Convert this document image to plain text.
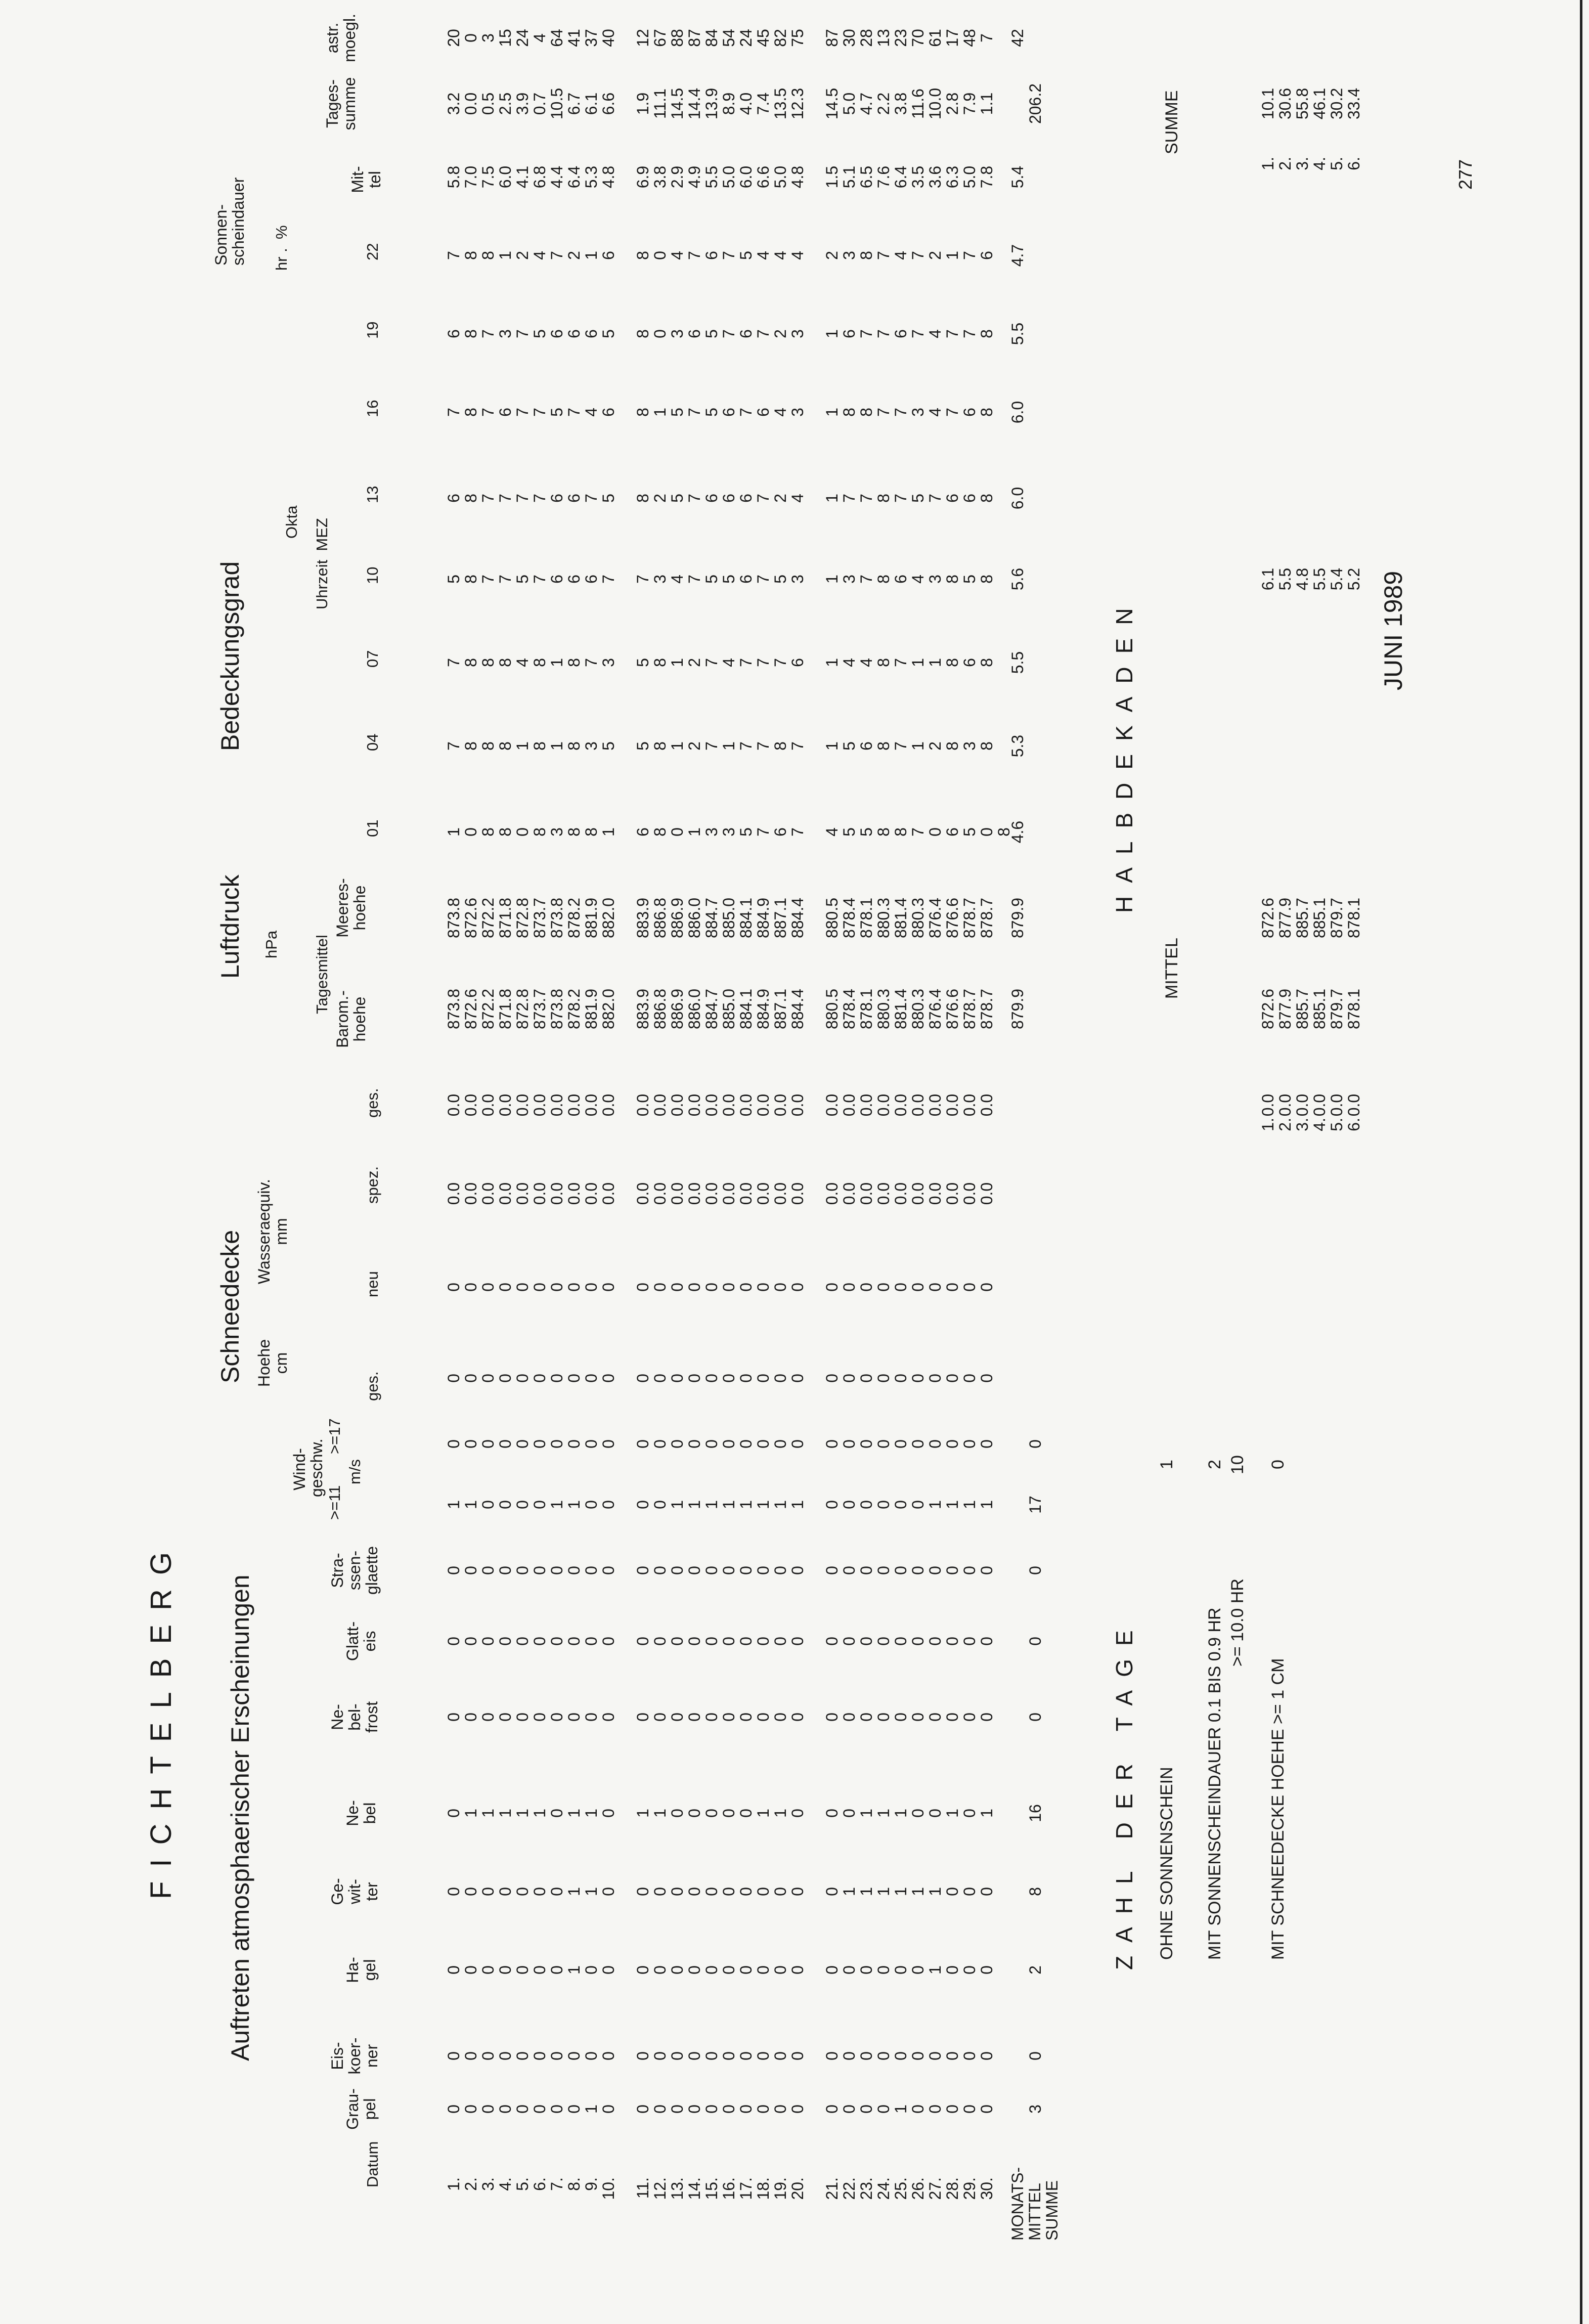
277
JUNI 1989
FICHTELBERG Auftreten atmosphaerischer Erscheinungen
Schneedecke
Luftdruck
Bedeckungsgrad
Sonnen-
scheindauer
Datum
Grau-
pel
Eis-
koer-
ner
Ha-
gel
Ge-
wit-
ter
Ne-
bel
Ne-
bel-
frost
Glatt-
eis
Stra-
ssen-
glaette
Wind-
geschw.
>=11
>=17
m/s
Hoehe
cm
Wasseraequiv.
mm
ges.
neu
spez.
ges.
hPa Tagesmittel
Barom.-
hoehe
Meeres-
hoehe
Okta Uhrzeit  MEZ
01
04
07
10
13
16
19
22
Mit-
tel
hr .  %
Tages-
summe
astr.
moegl.
1.
2.
3.
4.
5.
6.
7.
8.
9.
10.

11.
12.
13.
14.
15.
16.
17.
18.
19.
20.

21.
22.
23.
24.
25.
26.
27.
28.
29.
30.
0
0
0
0
0
0
0
0
1
0

0
0
0
0
0
0
0
0
0
0

0
0
0
0
1
0
0
0
0
0
0
0
0
0
0
0
0
0
0
0

0
0
0
0
0
0
0
0
0
0

0
0
0
0
0
0
0
0
0
0
0
0
0
0
0
0
0
1
0
0

0
0
0
0
0
0
0
0
0
0

0
0
0
0
0
0
1
0
0
0
0
0
0
0
0
0
0
1
1
0

0
0
0
0
0
0
0
0
0
0

0
1
1
1
1
1
1
0
0
0
0
1
1
1
1
1
0
1
1
0

1
1
0
0
0
0
0
1
1
0

0
0
1
1
1
0
0
1
0
1
0
0
0
0
0
0
0
0
0
0

0
0
0
0
0
0
0
0
0
0

0
0
0
0
0
0
0
0
0
0
0
0
0
0
0
0
0
0
0
0

0
0
0
0
0
0
0
0
0
0

0
0
0
0
0
0
0
0
0
0
0
0
0
0
0
0
0
0
0
0

0
0
0
0
0
0
0
0
0
0

0
0
0
0
0
0
0
0
0
0
1
1
0
0
0
0
1
1
0
0

0
0
1
1
1
1
1
1
1
1

0
0
0
0
0
0
1
1
1
1
0
0
0
0
0
0
0
0
0
0

0
0
0
0
0
0
0
0
0
0

0
0
0
0
0
0
0
0
0
0
0
0
0
0
0
0
0
0
0
0

0
0
0
0
0
0
0
0
0
0

0
0
0
0
0
0
0
0
0
0
0
0
0
0
0
0
0
0
0
0

0
0
0
0
0
0
0
0
0
0

0
0
0
0
0
0
0
0
0
0
0.0
0.0
0.0
0.0
0.0
0.0
0.0
0.0
0.0
0.0

0.0
0.0
0.0
0.0
0.0
0.0
0.0
0.0
0.0
0.0

0.0
0.0
0.0
0.0
0.0
0.0
0.0
0.0
0.0
0.0
0.0
0.0
0.0
0.0
0.0
0.0
0.0
0.0
0.0
0.0

0.0
0.0
0.0
0.0
0.0
0.0
0.0
0.0
0.0
0.0

0.0
0.0
0.0
0.0
0.0
0.0
0.0
0.0
0.0
0.0
873.8
872.6
872.2
871.8
872.8
873.7
873.8
878.2
881.9
882.0

883.9
886.8
886.9
886.0
884.7
885.0
884.1
884.9
887.1
884.4

880.5
878.4
878.1
880.3
881.4
880.3
876.4
876.6
878.7
878.7
873.8
872.6
872.2
871.8
872.8
873.7
873.8
878.2
881.9
882.0

883.9
886.8
886.9
886.0
884.7
885.0
884.1
884.9
887.1
884.4

880.5
878.4
878.1
880.3
881.4
880.3
876.4
876.6
878.7
878.7
1
0
8
8
0
8
3
8
8
1

6
8
0
1
3
3
5
7
6
7

4
5
5
8
8
7
0
6
5
0
8
7
8
8
8
1
8
1
8
3
5

5
8
1
2
7
1
7
7
8
7

1
5
6
8
7
1
2
8
3
8
7
8
8
8
4
8
1
8
7
3

5
8
1
2
7
4
7
7
7
6

1
4
4
8
7
1
1
8
6
8
5
8
7
7
5
7
6
6
6
7

7
3
4
7
5
5
6
7
5
3

1
3
7
8
6
4
3
8
5
8
6
8
7
7
7
7
6
6
7
5

8
2
5
7
6
6
6
7
2
4

1
7
7
8
7
5
7
6
6
8
7
8
7
6
7
7
5
7
4
6

8
1
5
7
5
6
7
6
4
3

1
8
8
7
7
3
4
7
6
8
6
8
7
3
7
5
6
6
6
5

8
0
3
6
5
7
6
7
2
3

1
6
7
7
6
7
4
7
7
8
7
8
8
1
2
4
7
2
1
6

8
0
4
7
6
7
5
4
4
4

2
3
8
7
4
7
2
1
7
6
5.8
7.0
7.5
6.0
4.1
6.8
4.4
6.4
5.3
4.8

6.9
3.8
2.9
4.9
5.5
5.0
6.0
6.6
5.0
4.8

1.5
5.1
6.5
7.6
6.4
3.5
3.6
6.3
5.0
7.8
3.2
0.0
0.5
2.5
3.9
0.7
10.5
6.7
6.1
6.6

1.9
11.1
14.5
14.4
13.9
8.9
4.0
7.4
13.5
12.3

14.5
5.0
4.7
2.2
3.8
11.6
10.0
2.8
7.9
1.1
20
0
3
15
24
4
64
41
37
40

12
67
88
87
84
54
24
45
82
75

87
30
28
13
23
70
61
17
48
7
MONATS-
MITTEL
SUMME
3
0
2
8
16
0
0
0
17
0
879.9
879.9
4.6
5.3
5.5
5.6
6.0
6.0
5.5
4.7
5.4
206.2
42
ZAHL DER TAGE OHNE SONNENSCHEIN
1
MIT SONNENSCHEINDAUER 0.1 BIS 0.9 HR
2
>= 10.0 HR
10
MIT SCHNEEDECKE HOEHE >= 1 CM
0
HALBDEKADEN
1.
2.
3.
4.
5.
6.
0.0
0.0
0.0
0.0
0.0
0.0
MITTEL
872.6
877.9
885.7
885.1
879.7
878.1
872.6
877.9
885.7
885.1
879.7
878.1
6.1
5.5
4.8
5.5
5.4
5.2
1.
2.
3.
4.
5.
6.
SUMME	10.1
30.6
55.8
46.1
30.2
33.4
